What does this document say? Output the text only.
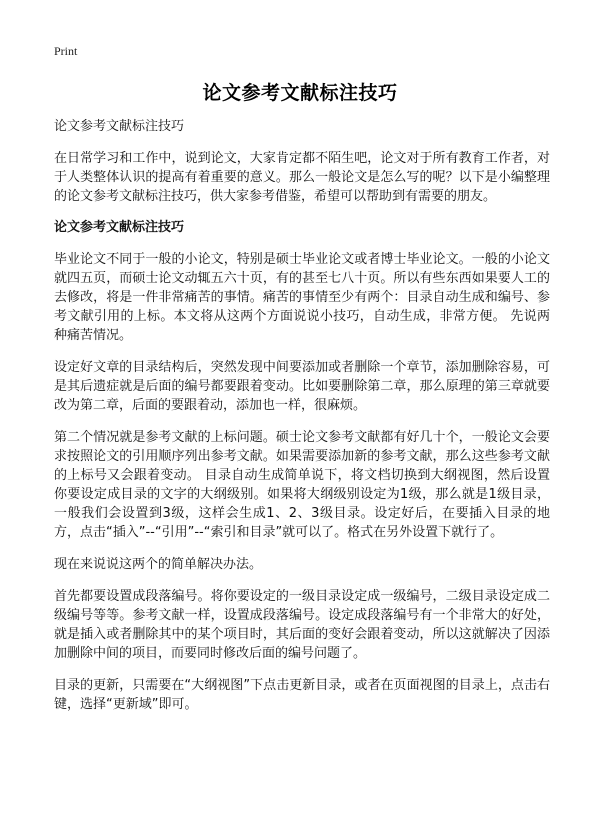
Print
论文参考文献标注技巧

论文参考文献标注技巧

在日常学习和工作中，说到论文，大家肯定都不陌生吧，论文对于所有教育工作者，对于人类整体认识的提高有着重要的意义。那么一般论文是怎么写的呢？以下是小编整理的论文参考文献标注技巧，供大家参考借鉴，希望可以帮助到有需要的朋友。

论文参考文献标注技巧

毕业论文不同于一般的小论文，特别是硕士毕业论文或者博士毕业论文。一般的小论文就四五页，而硕士论文动辄五六十页，有的甚至七八十页。所以有些东西如果要人工的去修改，将是一件非常痛苦的事情。痛苦的事情至少有两个：目录自动生成和编号、参考文献引用的上标。本文将从这两个方面说说小技巧，自动生成，非常方便。 先说两种痛苦情况。

设定好文章的目录结构后，突然发现中间要添加或者删除一个章节，添加删除容易，可是其后遗症就是后面的编号都要跟着变动。比如要删除第二章，那么原理的第三章就要改为第二章，后面的要跟着动，添加也一样，很麻烦。

第二个情况就是参考文献的上标问题。硕士论文参考文献都有好几十个，一般论文会要求按照论文的引用顺序列出参考文献。如果需要添加新的参考文献，那么这些参考文献的上标号又会跟着变动。 目录自动生成简单说下，将文档切换到大纲视图，然后设置你要设定成目录的文字的大纲级别。如果将大纲级别设定为1级，那么就是1级目录，一般我们会设置到3级，这样会生成1、2、3级目录。设定好后，在要插入目录的地方，点击“插入”--“引用”--“索引和目录”就可以了。格式在另外设置下就行了。

现在来说说这两个的简单解决办法。

首先都要设置成段落编号。将你要设定的一级目录设定成一级编号，二级目录设定成二级编号等等。参考文献一样，设置成段落编号。设定成段落编号有一个非常大的好处，就是插入或者删除其中的某个项目时，其后面的变好会跟着变动，所以这就解决了因添加删除中间的项目，而要同时修改后面的编号问题了。

目录的更新，只需要在“大纲视图”下点击更新目录，或者在页面视图的目录上，点击右键，选择“更新域”即可。
